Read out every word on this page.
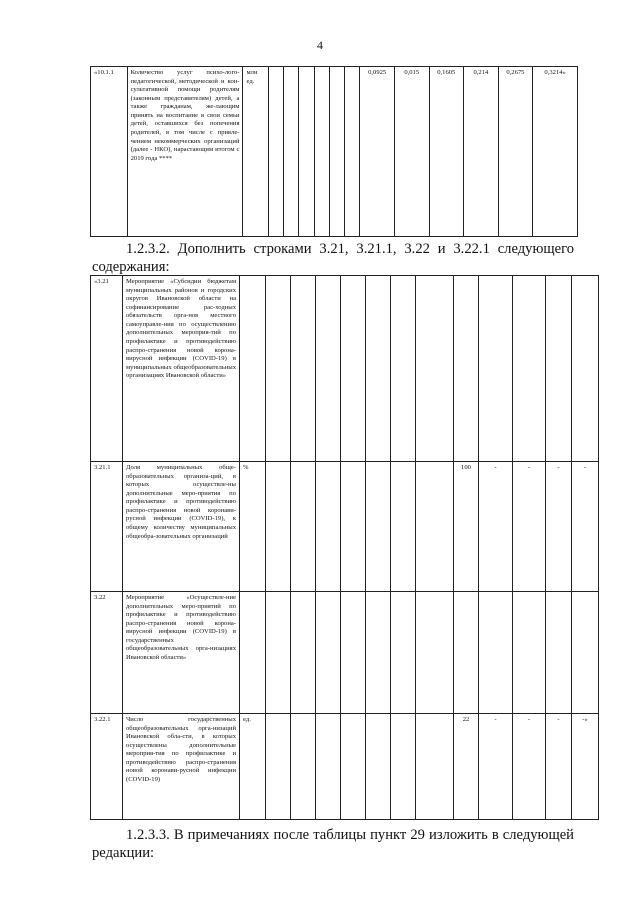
4
«10.1.1	Количество услуг психо-лого-педагогической, методической и кон-сультативной помощи родителям (законным представителям) детей, а также гражданам, же-лающим принять на воспитание в свои семьи детей, оставшихся без попечения родителей, в том числе с привле-чением некоммерческих организаций (далее - НКО), нарастающим итогом с 2019 года ****	млн ед.							0,0925	0,015	0,1605	0,214	0,2675	0,3214»
1.2.3.2. Дополнить строками 3.21, 3.21.1, 3.22 и 3.22.1 следующего содержания:
«3.21	Мероприятие «Субсидии бюджетам муниципальных районов и городских округов Ивановской области на софинансирование рас-ходных обязательств орга-нов местного самоуправле-ния по осуществлению дополнительных мероприя-тий по профилактике и противодействию распро-странения новой корона-вирусной инфекции (COVID-19) в муниципальных общеобразовательных организациях Ивановской области»													
3.21.1	Доля муниципальных обще-образовательных организа-ций, в которых осуществле-ны дополнительные меро-приятия по профилактике и противодействию распро-странения новой коронави-русной инфекции (COVID-19), к общему количеству муниципальных общеобра-зовательных организаций	%								100	-	-	-	-
3.22	Мероприятие «Осуществле-ние дополнительных меро-приятий по профилактике и противодействию распро-странения новой корона-вирусной инфекции (COVID-19) в государственных общеобразовательных орга-низациях Ивановской области»													
3.22.1	Число государственных общеобразовательных орга-низаций Ивановской обла-сти, в которых осуществлены дополнительные мероприя-тия по профилактике и противодействию распро-странения новой коронави-русной инфекции (COVID-19)	ед.								22	-	-	-	-»
1.2.3.3. В примечаниях после таблицы пункт 29 изложить в следующей редакции:
